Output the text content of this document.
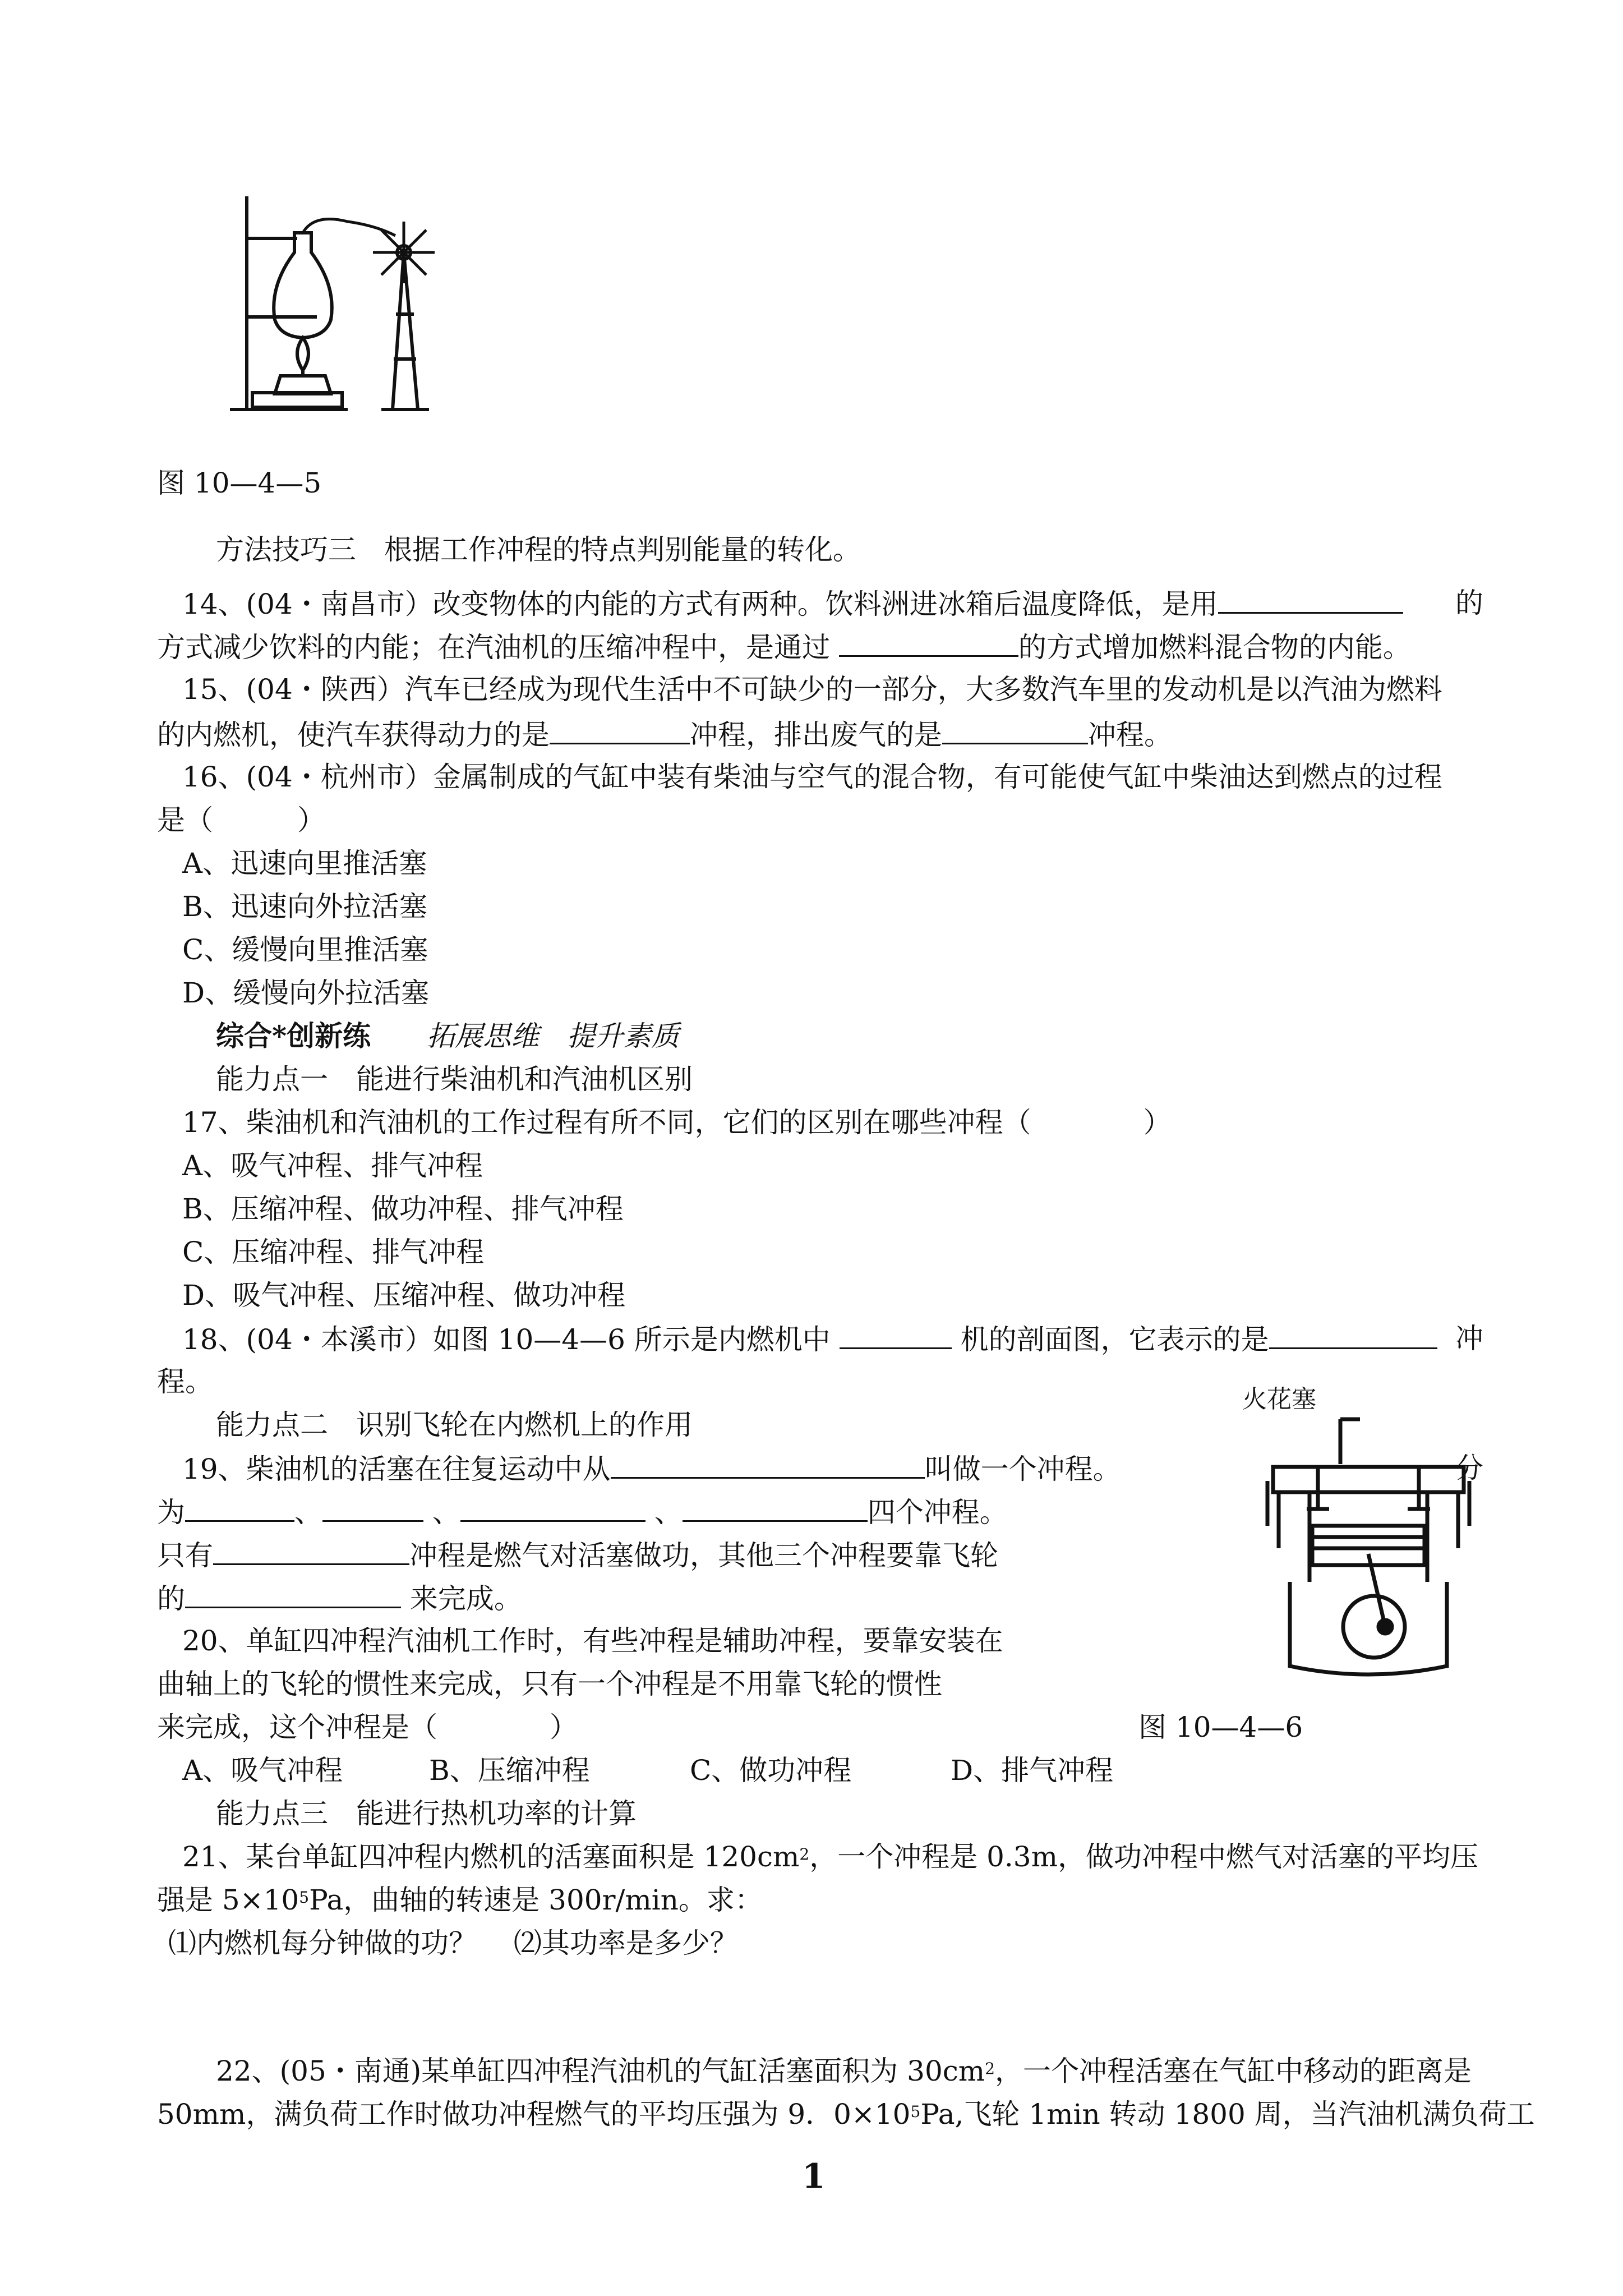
图 10—4—5
方法技巧三　根据工作冲程的特点判别能量的转化。
14、(04・南昌市）改变物体的内能的方式有两种。饮料洲进冰箱后温度降低，是用	的
方式减少饮料的内能；在汽油机的压缩冲程中，是通过	的方式增加燃料混合物的内能。
15、(04・陕西）汽车已经成为现代生活中不可缺少的一部分，大多数汽车里的发动机是以汽油为燃料
的内燃机，使汽车获得动力的是	冲程，排出废气的是	冲程。
16、(04・杭州市）金属制成的气缸中装有柴油与空气的混合物，有可能使气缸中柴油达到燃点的过程
是（　　　）
A、迅速向里推活塞
B、迅速向外拉活塞
C、缓慢向里推活塞
D、缓慢向外拉活塞
综合*创新练　　 拓展思维　提升素质
能力点一　能进行柴油机和汽油机区别
17、柴油机和汽油机的工作过程有所不同，它们的区别在哪些冲程（　　　　）
A、吸气冲程、排气冲程
B、压缩冲程、做功冲程、排气冲程
C、压缩冲程、排气冲程
D、吸气冲程、压缩冲程、做功冲程
18、(04・本溪市）如图 10—4—6 所示是内燃机中	机的剖面图，它表示的是	冲
程。
火花塞
能力点二　识别飞轮在内燃机上的作用
19、柴油机的活塞在往复运动中从	叫做一个冲程。	分
为	、	、	、	四个冲程。
只有	冲程是燃气对活塞做功，其他三个冲程要靠飞轮
的	来完成。
20、单缸四冲程汽油机工作时，有些冲程是辅助冲程，要靠安装在
曲轴上的飞轮的惯性来完成，只有一个冲程是不用靠飞轮的惯性
来完成，这个冲程是（　　　　）	图 10—4—6
A、吸气冲程	B、压缩冲程	C、做功冲程	D、排气冲程
能力点三　能进行热机功率的计算
21、某台单缸四冲程内燃机的活塞面积是 $120cm^2$，一个冲程是 0.3m，做功冲程中燃气对活塞的平均压
强是 $5\times 10^5Pa$，曲轴的转速是 300r/min。求：
⑴内燃机每分钟做的功？　 ⑵其功率是多少？
22、(05・南通)某单缸四冲程汽油机的气缸活塞面积为 $30cm^2$，一个冲程活塞在气缸中移动的距离是
50mm，满负荷工作时做功冲程燃气的平均压强为 9．$0\times 10^5Pa$,飞轮 1min 转动 1800 周，当汽油机满负荷工
1
